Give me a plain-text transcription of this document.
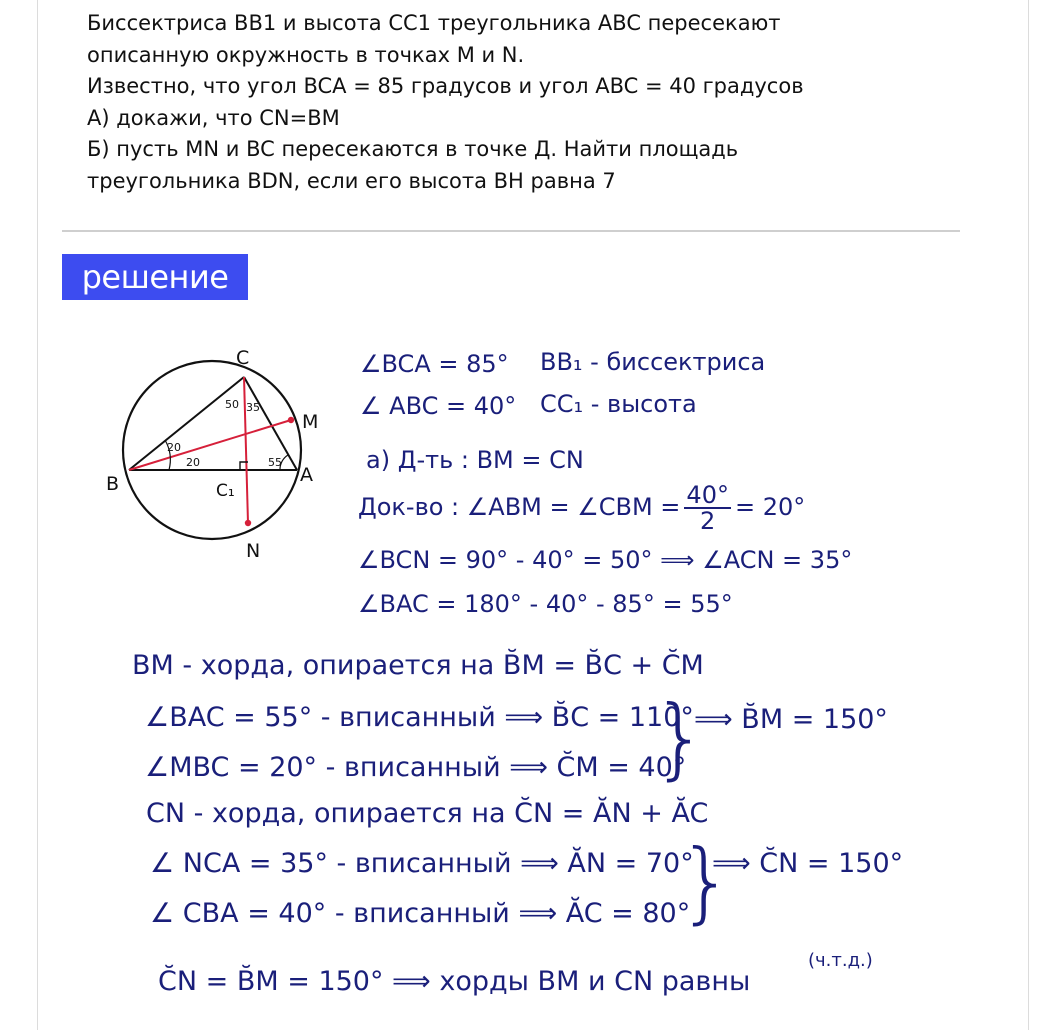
Биссектриса BB1 и высота CC1 треугольника ABC пересекают
описанную окружность в точках M и N.
Известно, что угол BCA = 85 градусов и угол ABC = 40 градусов
А) докажи, что CN=BM
Б) пусть MN и BC пересекаются в точке Д. Найти площадь
треугольника BDN, если его высота BH равна 7
решение
C
M
B	A
C₁
N
50 35
20
20	55
∠BCA = 85° BB₁ - биссектриса
∠ ABC = 40° CC₁ - высота
а) Д-ть : BM = CN
Док-во : ∠ABM = ∠CBM = $\frac{40^\circ}{2} = 20^\circ$
∠BCN = 90° - 40° = 50° ⟹ ∠ACN = 35°
∠BAC = 180° - 40° - 85° = 55°
BM - хорда, опирается на B̆M = B̆C + C̆M
∠BAC = 55° - вписанный ⟹ B̆C = 110°
∠MBC = 20° - вписанный ⟹ C̆M = 40°
}
⟹ B̆M = 150°
CN - хорда, опирается на C̆N = ĂN + ĂC
∠ NCA = 35° - вписанный ⟹ ĂN = 70°
∠ CBA = 40° - вписанный ⟹ ĂC = 80°
}
⟹ C̆N = 150°
C̆N = B̆M = 150° ⟹ хорды BM и CN равны
(ч.т.д.)
